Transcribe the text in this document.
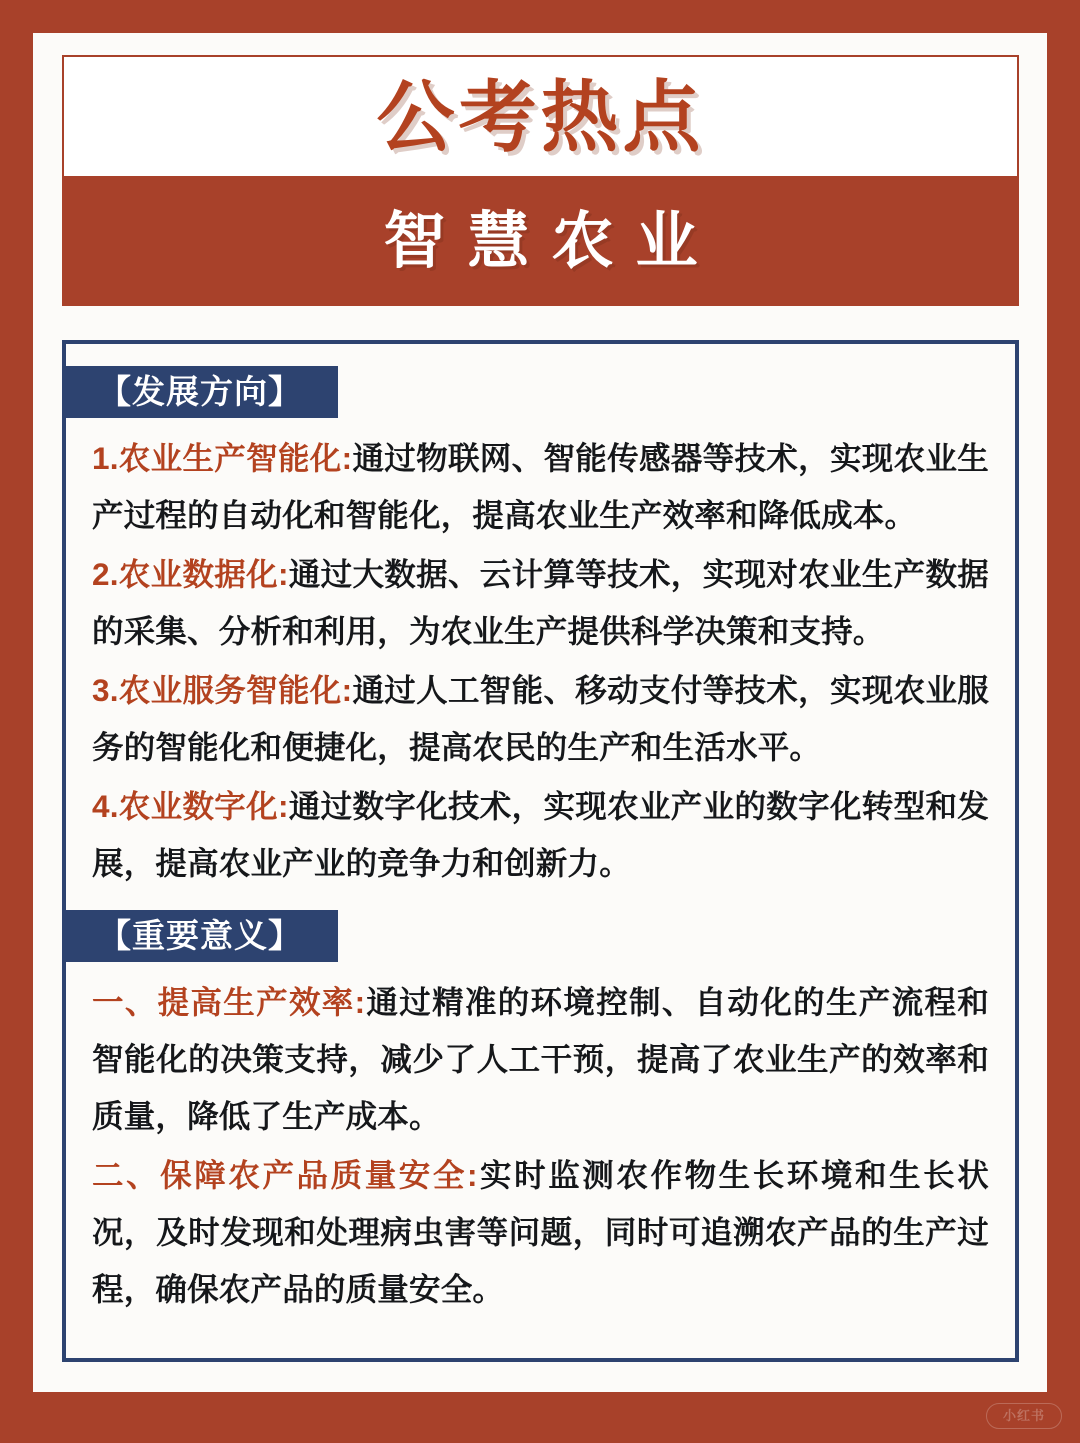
公考热点
智慧农业
【发展方向】

1.农业生产智能化:通过物联网、智能传感器等技术，实现农业生产过程的自动化和智能化，提高农业生产效率和降低成本。

2.农业数据化:通过大数据、云计算等技术，实现对农业生产数据的采集、分析和利用，为农业生产提供科学决策和支持。

3.农业服务智能化:通过人工智能、移动支付等技术，实现农业服务的智能化和便捷化，提高农民的生产和生活水平。

4.农业数字化:通过数字化技术，实现农业产业的数字化转型和发展，提高农业产业的竞争力和创新力。

【重要意义】

一、提高生产效率:通过精准的环境控制、自动化的生产流程和智能化的决策支持，减少了人工干预，提高了农业生产的效率和质量，降低了生产成本。

二、保障农产品质量安全:实时监测农作物生长环境和生长状况，及时发现和处理病虫害等问题，同时可追溯农产品的生产过程，确保农产品的质量安全。

小红书
